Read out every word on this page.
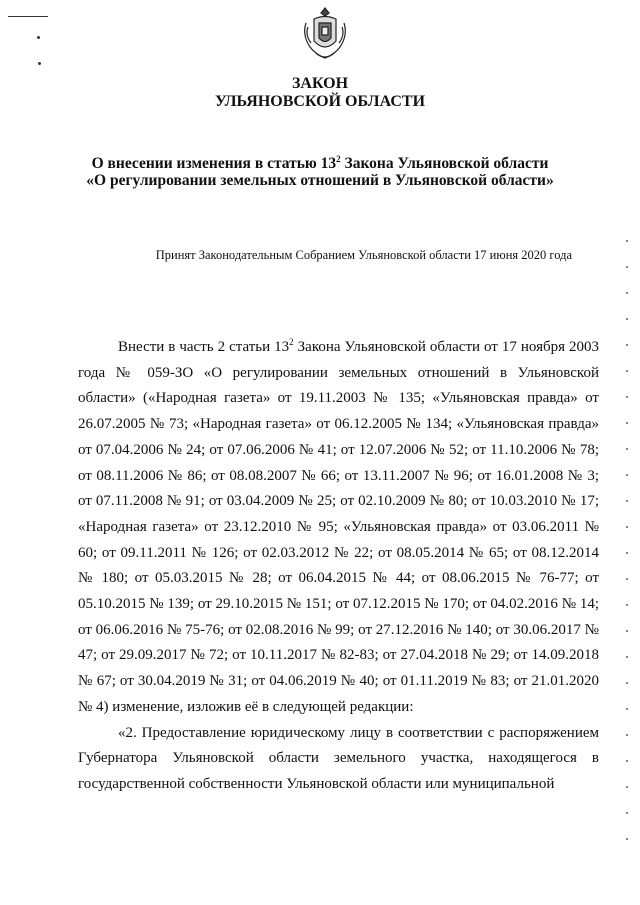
ЗАКОН
УЛЬЯНОВСКОЙ ОБЛАСТИ
О внесении изменения в статью $13^2$ Закона Ульяновской области
«О регулировании земельных отношений в Ульяновской области»
Принят Законодательным Собранием Ульяновской области 17 июня 2020 года

Внести в часть 2 статьи $13^2$ Закона Ульяновской области от 17 ноября 2003 года № 059-ЗО «О регулировании земельных отношений в Ульяновской области» («Народная газета» от 19.11.2003 № 135; «Ульяновская правда» от 26.07.2005 № 73; «Народная газета» от 06.12.2005 № 134; «Ульяновская правда» от 07.04.2006 № 24; от 07.06.2006 № 41; от 12.07.2006 № 52; от 11.10.2006 № 78; от 08.11.2006 № 86; от 08.08.2007 № 66; от 13.11.2007 № 96; от 16.01.2008 № 3; от 07.11.2008 № 91; от 03.04.2009 № 25; от 02.10.2009 № 80; от 10.03.2010 № 17; «Народная газета» от 23.12.2010 № 95; «Ульяновская правда» от 03.06.2011 № 60; от 09.11.2011 № 126; от 02.03.2012 № 22; от 08.05.2014 № 65; от 08.12.2014 № 180; от 05.03.2015 № 28; от 06.04.2015 № 44; от 08.06.2015 № 76-77; от 05.10.2015 № 139; от 29.10.2015 № 151; от 07.12.2015 № 170; от 04.02.2016 № 14; от 06.06.2016 № 75-76; от 02.08.2016 № 99; от 27.12.2016 № 140; от 30.06.2017 № 47; от 29.09.2017 № 72; от 10.11.2017 № 82-83; от 27.04.2018 № 29; от 14.09.2018 № 67; от 30.04.2019 № 31; от 04.06.2019 № 40; от 01.11.2019 № 83; от 21.01.2020 № 4) изменение, изложив её в следующей редакции:

«2. Предоставление юридическому лицу в соответствии с распоряжением Губернатора Ульяновской области земельного участка, находящегося в государственной собственности Ульяновской области или муниципальной
